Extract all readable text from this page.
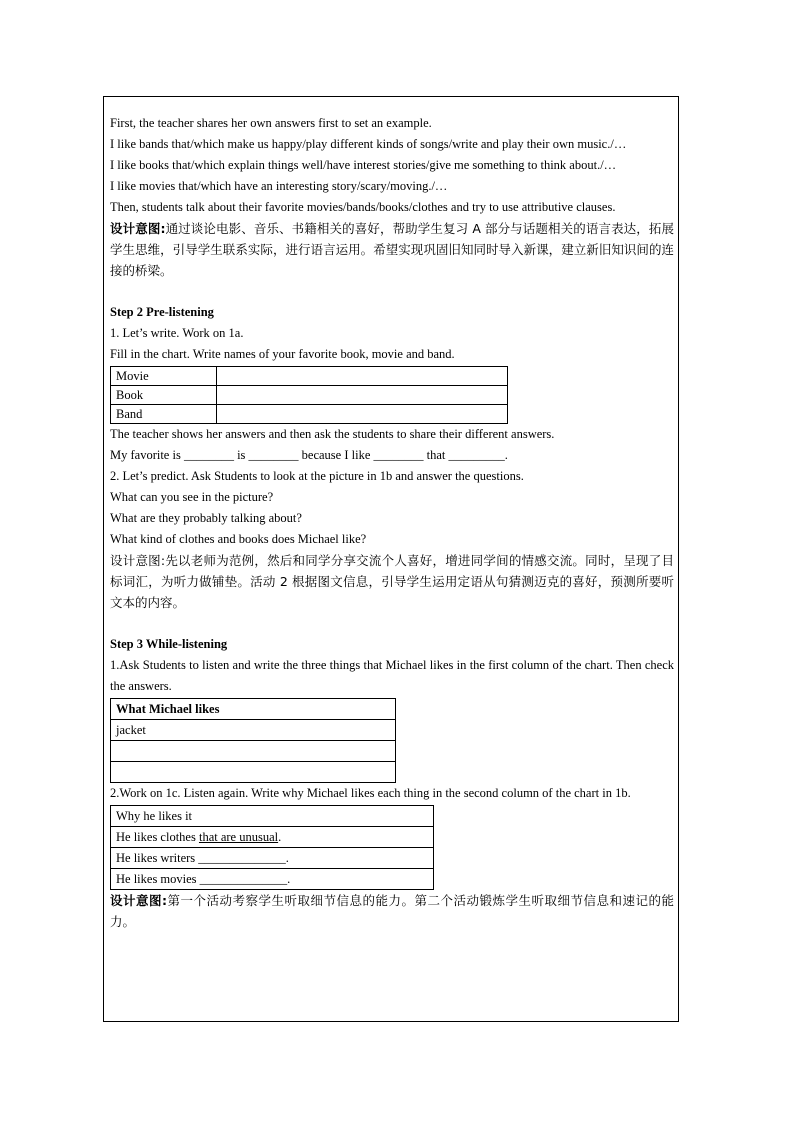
First, the teacher shares her own answers first to set an example.

I like bands that/which make us happy/play different kinds of songs/write and play their own music./…

I like books that/which explain things well/have interest stories/give me something to think about./…

I like movies that/which have an interesting story/scary/moving./…

Then, students talk about their favorite movies/bands/books/clothes and try to use attributive clauses.

设计意图:通过谈论电影、音乐、书籍相关的喜好，帮助学生复习 A 部分与话题相关的语言表达，拓展学生思维，引导学生联系实际，进行语言运用。希望实现巩固旧知同时导入新课，建立新旧知识间的连接的桥梁。

Step 2 Pre-listening

1. Let’s write. Work on 1a.

Fill in the chart. Write names of your favorite book, movie and band.

Movie	
Book	
Band	

The teacher shows her answers and then ask the students to share their different answers.

My favorite is ________ is ________ because I like ________ that _________.

2. Let’s predict. Ask Students to look at the picture in 1b and answer the questions.

What can you see in the picture?

What are they probably talking about?

What kind of clothes and books does Michael like?

设计意图:先以老师为范例，然后和同学分享交流个人喜好，增进同学间的情感交流。同时，呈现了目标词汇，为听力做铺垫。活动 2 根据图文信息，引导学生运用定语从句猜测迈克的喜好，预测所要听文本的内容。

Step 3 While-listening

1.Ask Students to listen and write the three things that Michael likes in the first column of the chart. Then check the answers.

What Michael likes
jacket

2.Work on 1c. Listen again. Write why Michael likes each thing in the second column of the chart in 1b.

Why he likes it
He likes clothes that are unusual.
He likes writers ______________.
He likes movies ______________.

设计意图:第一个活动考察学生听取细节信息的能力。第二个活动锻炼学生听取细节信息和速记的能力。
